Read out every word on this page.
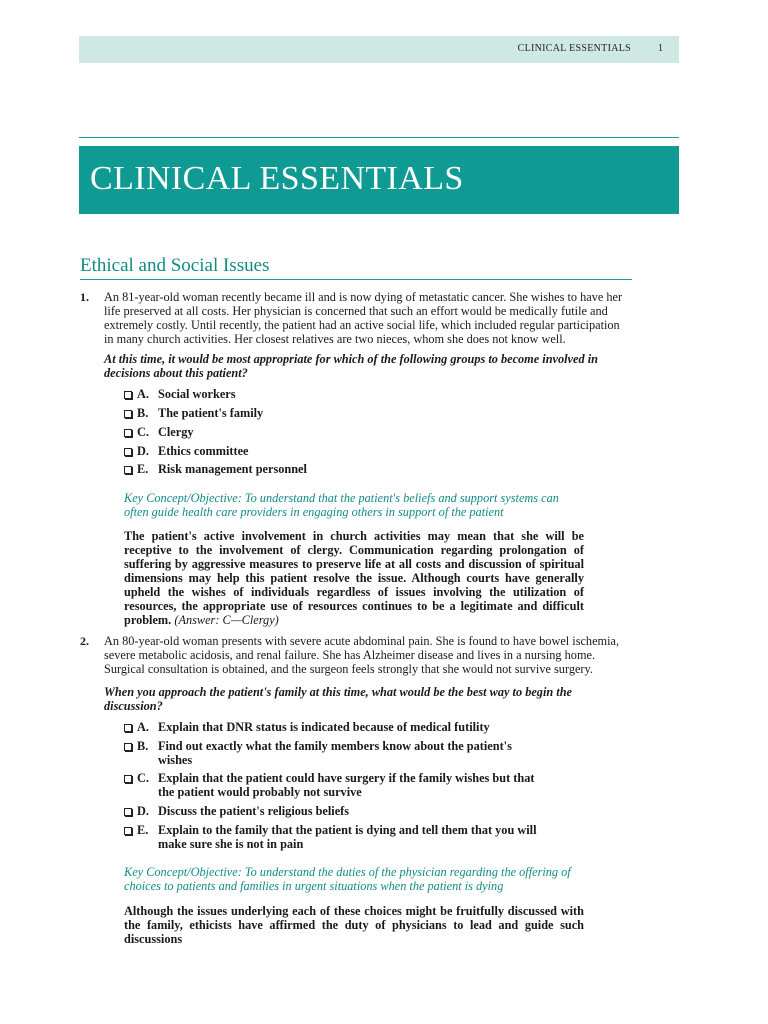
CLINICAL ESSENTIALS	1
CLINICAL ESSENTIALS
Ethical and Social Issues
1. An 81-year-old woman recently became ill and is now dying of metastatic cancer. She wishes to have her life preserved at all costs. Her physician is concerned that such an effort would be medically futile and extremely costly. Until recently, the patient had an active social life, which included regular participation in many church activities. Her closest relatives are two nieces, whom she does not know well.
At this time, it would be most appropriate for which of the following groups to become involved in decisions about this patient?
A. Social workers
B. The patient's family
C. Clergy
D. Ethics committee
E. Risk management personnel
Key Concept/Objective: To understand that the patient's beliefs and support systems can often guide health care providers in engaging others in support of the patient
The patient's active involvement in church activities may mean that she will be receptive to the involvement of clergy. Communication regarding prolongation of suffering by aggressive measures to preserve life at all costs and discussion of spiritual dimensions may help this patient resolve the issue. Although courts have generally upheld the wishes of individuals regardless of issues involving the utilization of resources, the appropriate use of resources continues to be a legitimate and difficult problem. (Answer: C—Clergy)
2. An 80-year-old woman presents with severe acute abdominal pain. She is found to have bowel ischemia, severe metabolic acidosis, and renal failure. She has Alzheimer disease and lives in a nursing home. Surgical consultation is obtained, and the surgeon feels strongly that she would not survive surgery.
When you approach the patient's family at this time, what would be the best way to begin the discussion?
A. Explain that DNR status is indicated because of medical futility
B. Find out exactly what the family members know about the patient's wishes
C. Explain that the patient could have surgery if the family wishes but that the patient would probably not survive
D. Discuss the patient's religious beliefs
E. Explain to the family that the patient is dying and tell them that you will make sure she is not in pain
Key Concept/Objective: To understand the duties of the physician regarding the offering of choices to patients and families in urgent situations when the patient is dying
Although the issues underlying each of these choices might be fruitfully discussed with the family, ethicists have affirmed the duty of physicians to lead and guide such discussions
